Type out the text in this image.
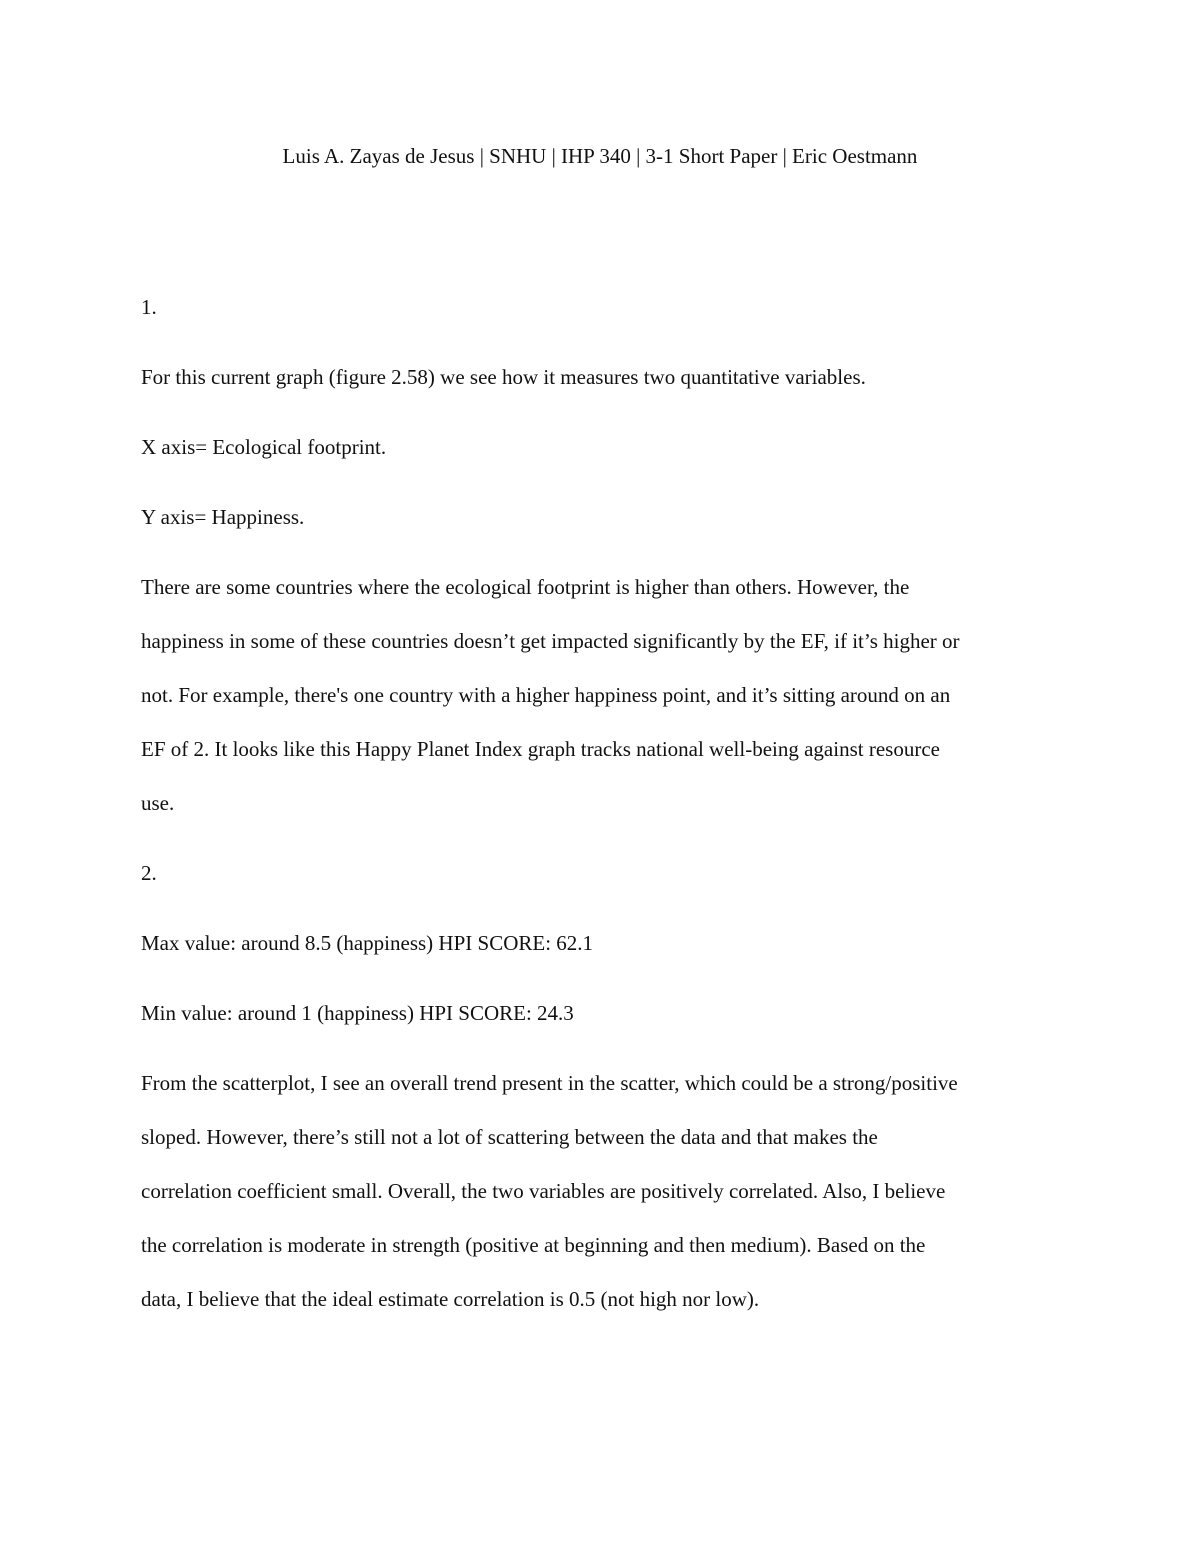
Luis A. Zayas de Jesus | SNHU | IHP 340 | 3-1 Short Paper | Eric Oestmann

1.

For this current graph (figure 2.58) we see how it measures two quantitative variables.

X axis= Ecological footprint.

Y axis= Happiness.

There are some countries where the ecological footprint is higher than others. However, the

happiness in some of these countries doesn’t get impacted significantly by the EF, if it’s higher or

not. For example, there's one country with a higher happiness point, and it’s sitting around on an

EF of 2. It looks like this Happy Planet Index graph tracks national well-being against resource

use.

2.

Max value: around 8.5 (happiness) HPI SCORE: 62.1

Min value: around 1 (happiness) HPI SCORE: 24.3

From the scatterplot, I see an overall trend present in the scatter, which could be a strong/positive

sloped. However, there’s still not a lot of scattering between the data and that makes the

correlation coefficient small. Overall, the two variables are positively correlated. Also, I believe

the correlation is moderate in strength (positive at beginning and then medium). Based on the

data, I believe that the ideal estimate correlation is 0.5 (not high nor low).
